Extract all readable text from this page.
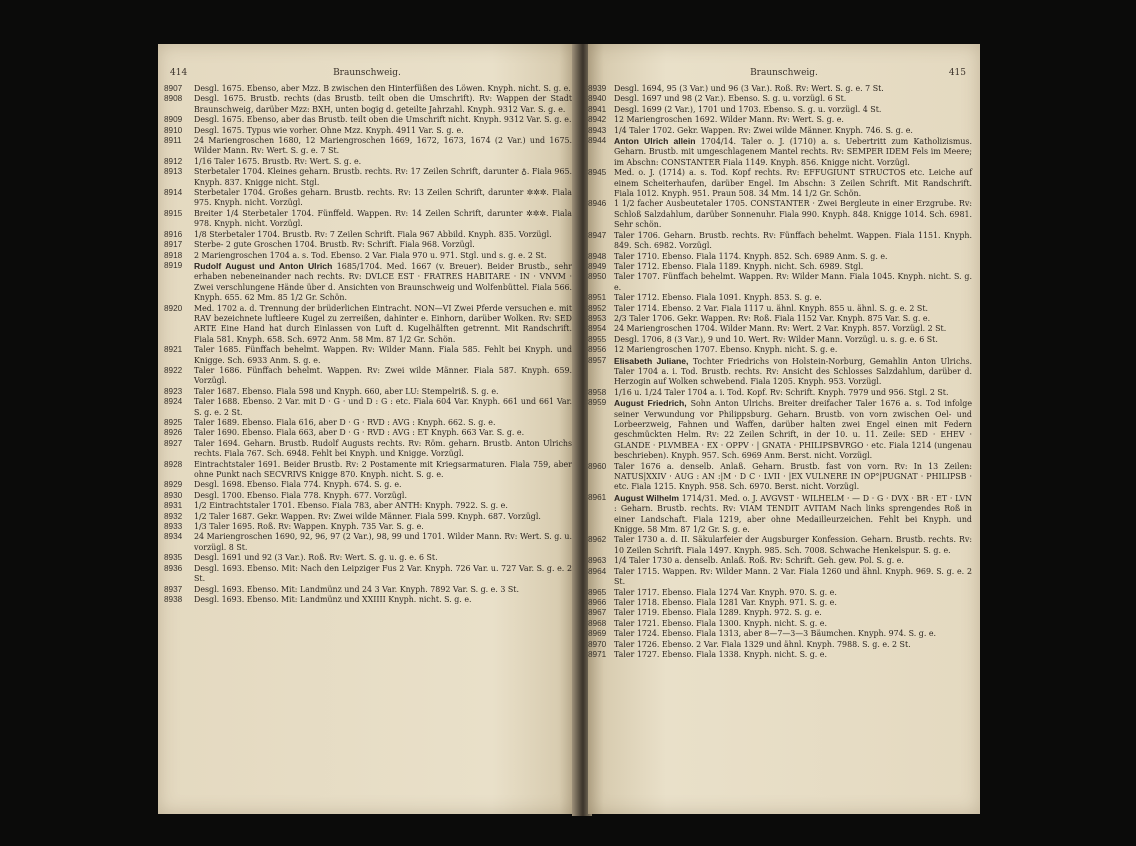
414	Braunschweig.
8907	Desgl. 1675. Ebenso, aber Mzz. B zwischen den Hinterfüßen des Löwen. Knyph. nicht. S. g. e.
8908	Desgl. 1675. Brustb. rechts (das Brustb. teilt oben die Umschrift). Rv: Wappen der Stadt Braunschweig, darüber Mzz: BXH, unten bogig d. geteilte Jahrzahl. Knyph. 9312 Var. S. g. e.
8909	Desgl. 1675. Ebenso, aber das Brustb. teilt oben die Umschrift nicht. Knyph. 9312 Var. S. g. e.
8910	Desgl. 1675. Typus wie vorher. Ohne Mzz. Knyph. 4911 Var. S. g. e.
8911	24 Mariengroschen 1680, 12 Mariengroschen 1669, 1672, 1673, 1674 (2 Var.) und 1675. Wilder Mann. Rv: Wert. S. g. e. 7 St.
8912	1/16 Taler 1675. Brustb. Rv: Wert. S. g. e.
8913	Sterbetaler 1704. Kleines geharn. Brustb. rechts. Rv: 17 Zeilen Schrift, darunter ♁. Fiala 965. Knyph. 837. Knigge nicht. Stgl.
8914	Sterbetaler 1704. Großes geharn. Brustb. rechts. Rv: 13 Zeilen Schrift, darunter ✲✲✲. Fiala 975. Knyph. nicht. Vorzügl.
8915	Breiter 1/4 Sterbetaler 1704. Fünffeld. Wappen. Rv: 14 Zeilen Schrift, darunter ✲✲✲. Fiala 978. Knyph. nicht. Vorzügl.
8916	1/8 Sterbetaler 1704. Brustb. Rv: 7 Zeilen Schrift. Fiala 967 Abbild. Knyph. 835. Vorzügl.
8917	Sterbe- 2 gute Groschen 1704. Brustb. Rv: Schrift. Fiala 968. Vorzügl.
8918	2 Mariengroschen 1704 a. s. Tod. Ebenso. 2 Var. Fiala 970 u. 971. Stgl. und s. g. e. 2 St.
8919	Rudolf August und Anton Ulrich 1685/1704. Med. 1667 (v. Breuer). Beider Brustb., sehr erhaben nebeneinander nach rechts. Rv: DVLCE EST · FRATRES HABITARE · IN · VNVM · Zwei verschlungene Hände über d. Ansichten von Braunschweig und Wolfenbüttel. Fiala 566. Knyph. 655. 62 Mm. 85 1/2 Gr. Schön.
8920	Med. 1702 a. d. Trennung der brüderlichen Eintracht. NON—VI Zwei Pferde versuchen e. mit RAV bezeichnete luftleere Kugel zu zerreißen, dahinter e. Einhorn, darüber Wolken. Rv: SED ARTE Eine Hand hat durch Einlassen von Luft d. Kugelhälften getrennt. Mit Randschrift. Fiala 581. Knyph. 658. Sch. 6972 Anm. 58 Mm. 87 1/2 Gr. Schön.
8921	Taler 1685. Fünffach behelmt. Wappen. Rv: Wilder Mann. Fiala 585. Fehlt bei Knyph. und Knigge. Sch. 6933 Anm. S. g. e.
8922	Taler 1686. Fünffach behelmt. Wappen. Rv: Zwei wilde Männer. Fiala 587. Knyph. 659. Vorzügl.
8923	Taler 1687. Ebenso. Fiala 598 und Knyph. 660, aber LU: Stempelriß. S. g. e.
8924	Taler 1688. Ebenso. 2 Var. mit D · G · und D : G : etc. Fiala 604 Var. Knyph. 661 und 661 Var. S. g. e. 2 St.
8925	Taler 1689. Ebenso. Fiala 616, aber D · G · RVD : AVG : Knyph. 662. S. g. e.
8926	Taler 1690. Ebenso. Fiala 663, aber D · G · RVD : AVG : ET Knyph. 663 Var. S. g. e.
8927	Taler 1694. Geharn. Brustb. Rudolf Augusts rechts. Rv: Röm. geharn. Brustb. Anton Ulrichs rechts. Fiala 767. Sch. 6948. Fehlt bei Knyph. und Knigge. Vorzügl.
8928	Eintrachtstaler 1691. Beider Brustb. Rv: 2 Postamente mit Kriegsarmaturen. Fiala 759, aber ohne Punkt nach SECVRIVS Knigge 870. Knyph. nicht. S. g. e.
8929	Desgl. 1698. Ebenso. Fiala 774. Knyph. 674. S. g. e.
8930	Desgl. 1700. Ebenso. Fiala 778. Knyph. 677. Vorzügl.
8931	1/2 Eintrachtstaler 1701. Ebenso. Fiala 783, aber ANTH: Knyph. 7922. S. g. e.
8932	1/2 Taler 1687. Gekr. Wappen. Rv: Zwei wilde Männer. Fiala 599. Knyph. 687. Vorzügl.
8933	1/3 Taler 1695. Roß. Rv: Wappen. Knyph. 735 Var. S. g. e.
8934	24 Mariengroschen 1690, 92, 96, 97 (2 Var.), 98, 99 und 1701. Wilder Mann. Rv: Wert. S. g. u. vorzügl. 8 St.
8935	Desgl. 1691 und 92 (3 Var.). Roß. Rv: Wert. S. g. u. g. e. 6 St.
8936	Desgl. 1693. Ebenso. Mit: Nach den Leipziger Fus 2 Var. Knyph. 726 Var. u. 727 Var. S. g. e. 2 St.
8937	Desgl. 1693. Ebenso. Mit: Landmünz und 24 3 Var. Knyph. 7892 Var. S. g. e. 3 St.
8938	Desgl. 1693. Ebenso. Mit: Landmünz und XXIIII Knyph. nicht. S. g. e.
Braunschweig.	415
8939 Desgl. 1694, 95 (3 Var.) und 96 (3 Var.). Roß. Rv: Wert. S. g. e. 7 St.
8940 Desgl. 1697 und 98 (2 Var.). Ebenso. S. g. u. vorzügl. 6 St.
8941 Desgl. 1699 (2 Var.), 1701 und 1703. Ebenso. S. g. u. vorzügl. 4 St.
8942 12 Mariengroschen 1692. Wilder Mann. Rv: Wert. S. g. e.
8943 1/4 Taler 1702. Gekr. Wappen. Rv: Zwei wilde Männer. Knyph. 746. S. g. e.
8944 Anton Ulrich allein 1704/14. Taler o. J. (1710) a. s. Uebertritt zum Katholizismus. Geharn. Brustb. mit umgeschlagenem Mantel rechts. Rv: SEMPER IDEM Fels im Meere; im Abschn: CONSTANTER Fiala 1149. Knyph. 856. Knigge nicht. Vorzügl.
8945 Med. o. J. (1714) a. s. Tod. Kopf rechts. Rv: EFFUGIUNT STRUCTOS etc. Leiche auf einem Scheiterhaufen, darüber Engel. Im Abschn: 3 Zeilen Schrift. Mit Randschrift. Fiala 1012. Knyph. 951. Praun 508. 34 Mm. 14 1/2 Gr. Schön.
8946 1 1/2 facher Ausbeutetaler 1705. CONSTANTER · Zwei Bergleute in einer Erzgrube. Rv: Schloß Salzdahlum, darüber Sonnenuhr. Fiala 990. Knyph. 848. Knigge 1014. Sch. 6981. Sehr schön.
8947 Taler 1706. Geharn. Brustb. rechts. Rv: Fünffach behelmt. Wappen. Fiala 1151. Knyph. 849. Sch. 6982. Vorzügl.
8948 Taler 1710. Ebenso. Fiala 1174. Knyph. 852. Sch. 6989 Anm. S. g. e.
8949 Taler 1712. Ebenso. Fiala 1189. Knyph. nicht. Sch. 6989. Stgl.
8950 Taler 1707. Fünffach behelmt. Wappen. Rv: Wilder Mann. Fiala 1045. Knyph. nicht. S. g. e.
8951 Taler 1712. Ebenso. Fiala 1091. Knyph. 853. S. g. e.
8952 Taler 1714. Ebenso. 2 Var. Fiala 1117 u. ähnl. Knyph. 855 u. ähnl. S. g. e. 2 St.
8953 2/3 Taler 1706. Gekr. Wappen. Rv: Roß. Fiala 1152 Var. Knyph. 875 Var. S. g. e.
8954 24 Mariengroschen 1704. Wilder Mann. Rv: Wert. 2 Var. Knyph. 857. Vorzügl. 2 St.
8955 Desgl. 1706, 8 (3 Var.), 9 und 10. Wert. Rv: Wilder Mann. Vorzügl. u. s. g. e. 6 St.
8956 12 Mariengroschen 1707. Ebenso. Knyph. nicht. S. g. e.
8957 Elisabeth Juliane, Tochter Friedrichs von Holstein-Norburg, Gemahlin Anton Ulrichs. Taler 1704 a. i. Tod. Brustb. rechts. Rv: Ansicht des Schlosses Salzdahlum, darüber d. Herzogin auf Wolken schwebend. Fiala 1205. Knyph. 953. Vorzügl.
8958 1/16 u. 1/24 Taler 1704 a. i. Tod. Kopf. Rv: Schrift. Knyph. 7979 und 956. Stgl. 2 St.
8959 August Friedrich, Sohn Anton Ulrichs. Breiter dreifacher Taler 1676 a. s. Tod infolge seiner Verwundung vor Philippsburg. Geharn. Brustb. von vorn zwischen Oel- und Lorbeerzweig, Fahnen und Waffen, darüber halten zwei Engel einen mit Federn geschmückten Helm. Rv: 22 Zeilen Schrift, in der 10. u. 11. Zeile: SED · EHEV · GLANDE · PLVMBEA · EX · OPPV · | GNATA · PHILIPSBVRGO · etc. Fiala 1214 (ungenau beschrieben). Knyph. 957. Sch. 6969 Anm. Berst. nicht. Vorzügl.
8960 Taler 1676 a. denselb. Anlaß. Geharn. Brustb. fast von vorn. Rv: In 13 Zeilen: NATUS|XXIV · AUG : AN :|M · D C · LVII · |EX VULNERE IN OP°|PUGNAT · PHILIPSB · etc. Fiala 1215. Knyph. 958. Sch. 6970. Berst. nicht. Vorzügl.
8961 August Wilhelm 1714/31. Med. o. J. AVGVST · WILHELM · — D · G · DVX · BR · ET · LVN : Geharn. Brustb. rechts. Rv: VIAM TENDIT AVITAM Nach links sprengendes Roß in einer Landschaft. Fiala 1219, aber ohne Medailleurzeichen. Fehlt bei Knyph. und Knigge. 58 Mm. 87 1/2 Gr. S. g. e.
8962 Taler 1730 a. d. II. Säkularfeier der Augsburger Konfession. Geharn. Brustb. rechts. Rv: 10 Zeilen Schrift. Fiala 1497. Knyph. 985. Sch. 7008. Schwache Henkelspur. S. g. e.
8963 1/4 Taler 1730 a. denselb. Anlaß. Roß. Rv: Schrift. Geh. gew. Pol. S. g. e.
8964 Taler 1715. Wappen. Rv: Wilder Mann. 2 Var. Fiala 1260 und ähnl. Knyph. 969. S. g. e. 2 St.
8965 Taler 1717. Ebenso. Fiala 1274 Var. Knyph. 970. S. g. e.
8966 Taler 1718. Ebenso. Fiala 1281 Var. Knyph. 971. S. g. e.
8967 Taler 1719. Ebenso. Fiala 1289. Knyph. 972. S. g. e.
8968 Taler 1721. Ebenso. Fiala 1300. Knyph. nicht. S. g. e.
8969 Taler 1724. Ebenso. Fiala 1313, aber 8—7—3—3 Bäumchen. Knyph. 974. S. g. e.
8970 Taler 1726. Ebenso. 2 Var. Fiala 1329 und ähnl. Knyph. 7988. S. g. e. 2 St.
8971 Taler 1727. Ebenso. Fiala 1338. Knyph. nicht. S. g. e.
